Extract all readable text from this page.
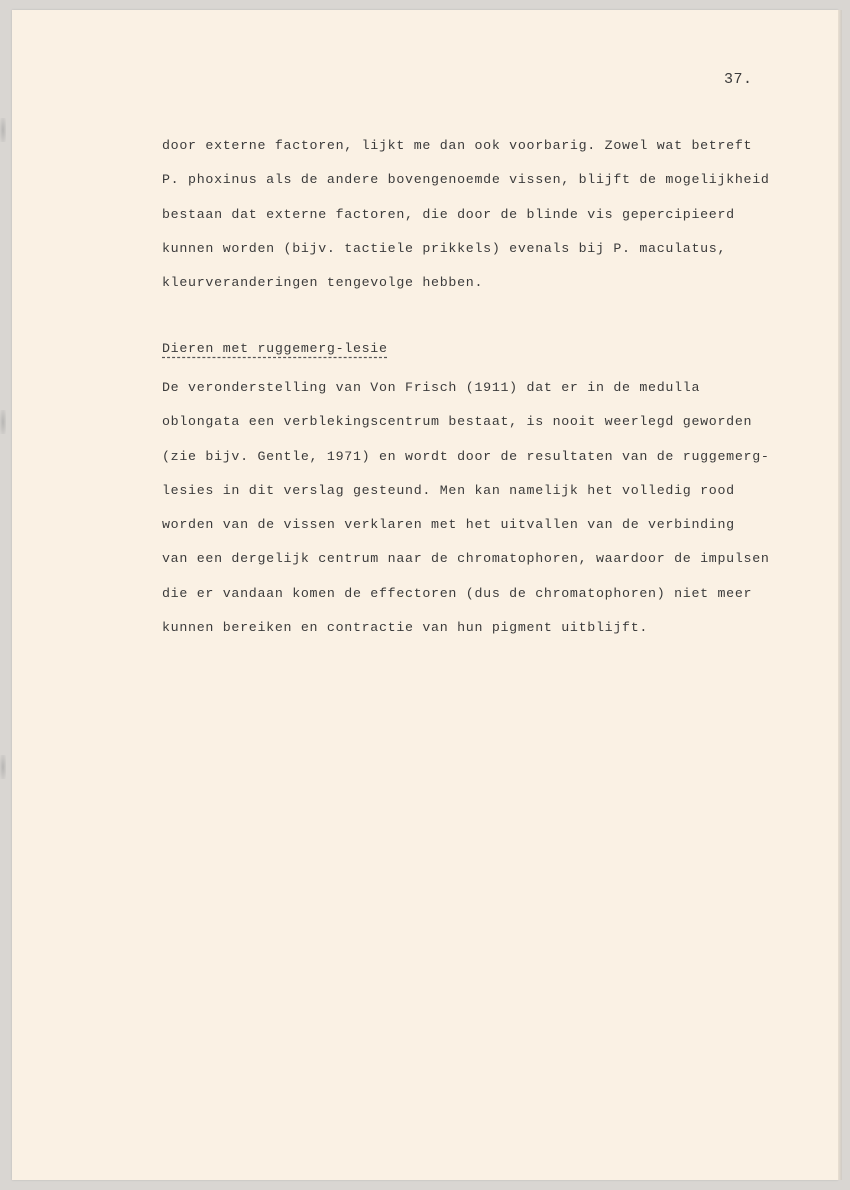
37.
door externe factoren, lijkt me dan ook voorbarig. Zowel wat betreft
P. phoxinus als de andere bovengenoemde vissen, blijft de mogelijkheid
bestaan dat externe factoren, die door de blinde vis gepercipieerd
kunnen worden (bijv. tactiele prikkels) evenals bij P. maculatus,
kleurveranderingen tengevolge hebben.
Dieren met ruggemerg-lesie
De veronderstelling van Von Frisch (1911) dat er in de medulla
oblongata een verblekingscentrum bestaat, is nooit weerlegd geworden
(zie bijv. Gentle, 1971) en wordt door de resultaten van de ruggemerg-
lesies in dit verslag gesteund. Men kan namelijk het volledig rood
worden van de vissen verklaren met het uitvallen van de verbinding
van een dergelijk centrum naar de chromatophoren, waardoor de impulsen
die er vandaan komen de effectoren (dus de chromatophoren) niet meer
kunnen bereiken en contractie van hun pigment uitblijft.
